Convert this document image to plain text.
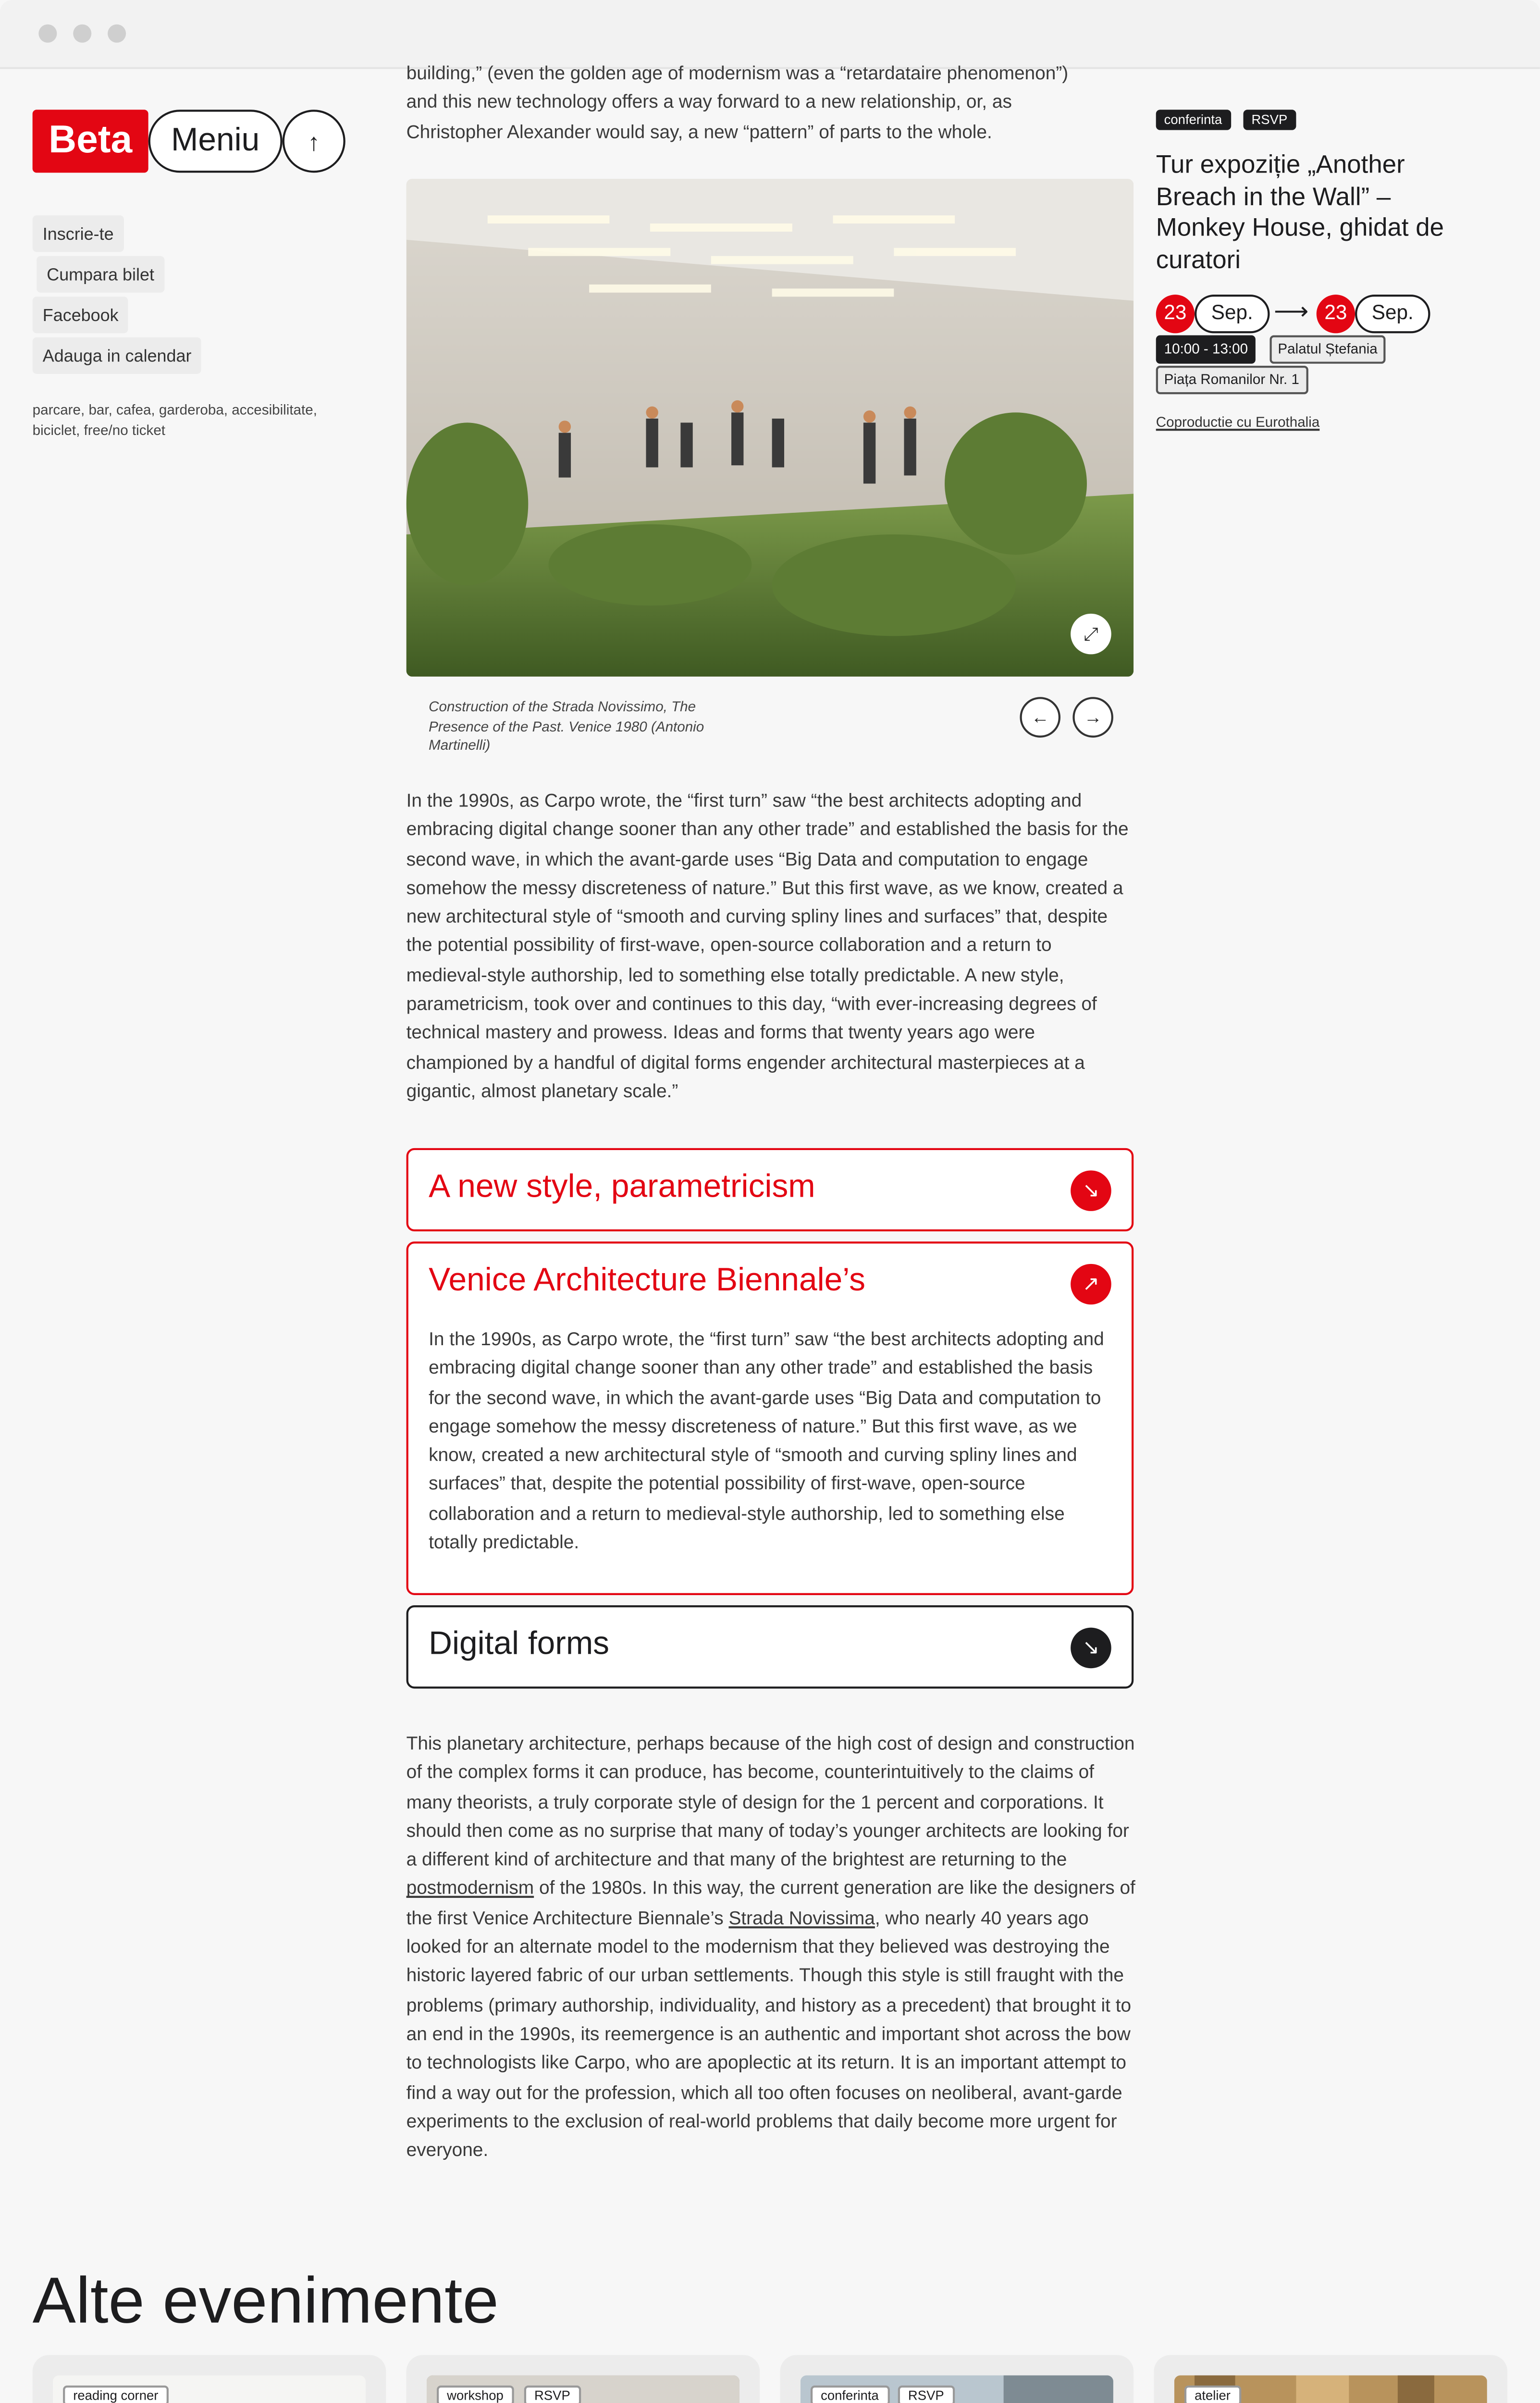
Beta	Meniu	↑
Inscrie-te
Cumpara bilet
Facebook
Adauga in calendar
parcare, bar, cafea, garderoba, accesibilitate, biciclet, free/no ticket
building,” (even the golden age of modernism was a “retardataire phenomenon”)
and this new technology offers a way forward to a new relationship, or, as
Christopher Alexander would say, a new “pattern” of parts to the whole.
⤢
Construction of the Strada Novissimo, The Presence of the Past. Venice 1980 (Antonio Martinelli)
←	→
In the 1990s, as Carpo wrote, the “first turn” saw “the best architects adopting and embracing digital change sooner than any other trade” and established the basis for the second wave, in which the avant-garde uses “Big Data and computation to engage somehow the messy discreteness of nature.” But this first wave, as we know, created a new architectural style of “smooth and curving spliny lines and surfaces” that, despite the potential possibility of first-wave, open-source collaboration and a return to medieval-style authorship, led to something else totally predictable. A new style, parametricism, took over and continues to this day, “with ever-increasing degrees of technical mastery and prowess. Ideas and forms that twenty years ago were championed by a handful of digital forms engender architectural masterpieces at a gigantic, almost planetary scale.”
A new style, parametricism	↘
Venice Architecture Biennale’s	↗
In the 1990s, as Carpo wrote, the “first turn” saw “the best architects adopting and embracing digital change sooner than any other trade” and established the basis for the second wave, in which the avant-garde uses “Big Data and computation to engage somehow the messy discreteness of nature.” But this first wave, as we know, created a new architectural style of “smooth and curving spliny lines and surfaces” that, despite the potential possibility of first-wave, open-source collaboration and a return to medieval-style authorship, led to something else totally predictable.
Digital forms	↘
This planetary architecture, perhaps because of the high cost of design and construction of the complex forms it can produce, has become, counterintuitively to the claims of many theorists, a truly corporate style of design for the 1 percent and corporations. It should then come as no surprise that many of today’s younger architects are looking for a different kind of architecture and that many of the brightest are returning to the postmodernism of the 1980s. In this way, the current generation are like the designers of the first Venice Architecture Biennale’s Strada Novissima, who nearly 40 years ago looked for an alternate model to the modernism that they believed was destroying the historic layered fabric of our urban settlements. Though this style is still fraught with the problems (primary authorship, individuality, and history as a precedent) that brought it to an end in the 1990s, its reemergence is an authentic and important shot across the bow to technologists like Carpo, who are apoplectic at its return. It is an important attempt to find a way out for the profession, which all too often focuses on neoliberal, avant-garde experiments to the exclusion of real-world problems that daily become more urgent for everyone.
conferinta	RSVP
Tur expoziție „Another Breach in the Wall” – Monkey House, ghidat de curatori
23	Sep.	⟶	23	Sep.
10:00 - 13:00	Palatul Ștefania
Piața Romanilor Nr. 1
Coproductie cu Eurothalia
Alte evenimente
reading corner	workshop	RSVP	conferinta	RSVP	atelier
